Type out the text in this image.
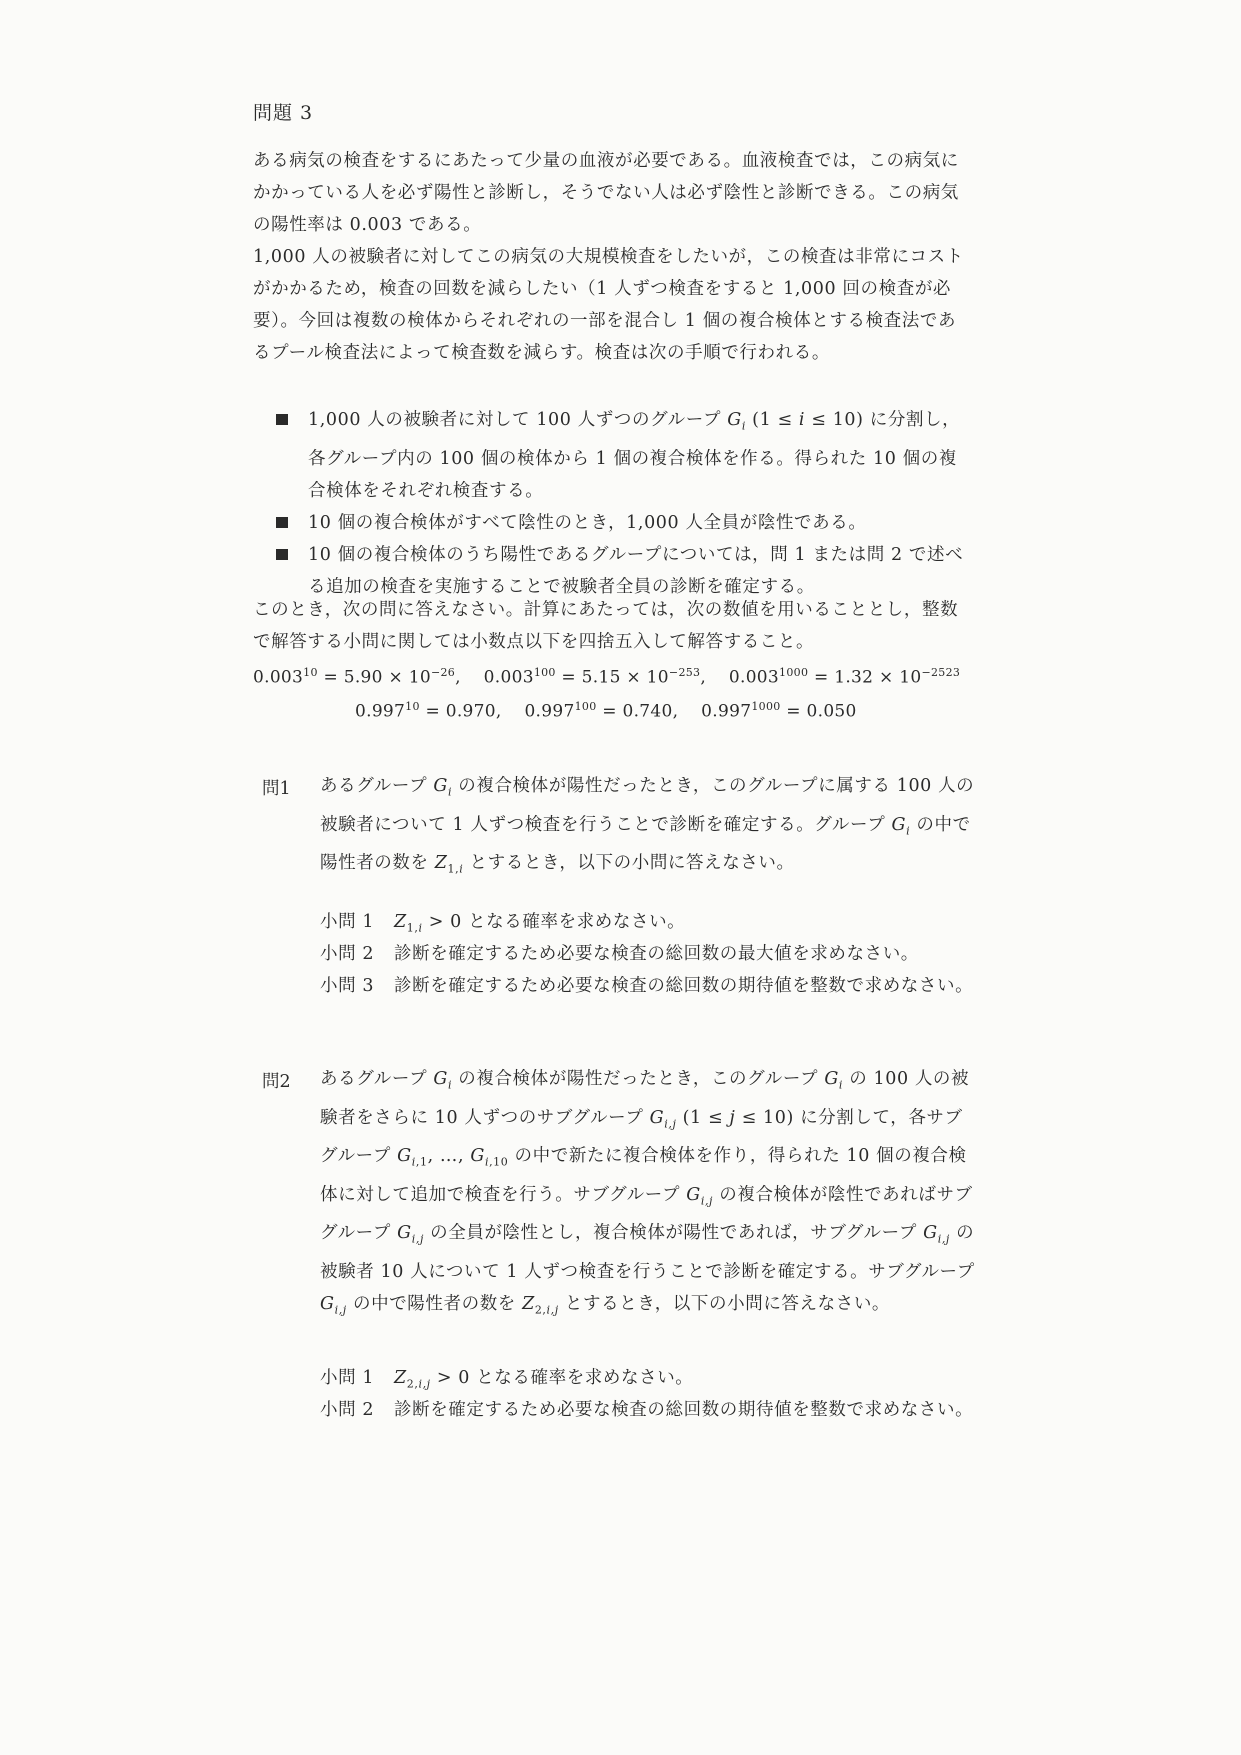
問題 3
ある病気の検査をするにあたって少量の血液が必要である。血液検査では，この病気にかかっている人を必ず陽性と診断し，そうでない人は必ず陰性と診断できる。この病気の陽性率は 0.003 である。
1,000 人の被験者に対してこの病気の大規模検査をしたいが，この検査は非常にコストがかかるため，検査の回数を減らしたい（1 人ずつ検査をすると 1,000 回の検査が必要）。今回は複数の検体からそれぞれの一部を混合し 1 個の複合検体とする検査法であるプール検査法によって検査数を減らす。検査は次の手順で行われる。
1,000 人の被験者に対して 100 人ずつのグループ $G_i$ (1 ≤ i ≤ 10) に分割し，各グループ内の 100 個の検体から 1 個の複合検体を作る。得られた 10 個の複合検体をそれぞれ検査する。
10 個の複合検体がすべて陰性のとき，1,000 人全員が陰性である。
10 個の複合検体のうち陽性であるグループについては，問 1 または問 2 で述べる追加の検査を実施することで被験者全員の診断を確定する。
このとき，次の問に答えなさい。計算にあたっては，次の数値を用いることとし，整数で解答する小問に関しては小数点以下を四捨五入して解答すること。
$0.003^{10} = 5.90 \times 10^{-26}$,    $0.003^{100} = 5.15 \times 10^{-253}$,    $0.003^{1000} = 1.32 \times 10^{-2523}$
$0.997^{10} = 0.970$,    $0.997^{100} = 0.740$,    $0.997^{1000} = 0.050$
問1 あるグループ $G_i$ の複合検体が陽性だったとき，このグループに属する 100 人の被験者について 1 人ずつ検査を行うことで診断を確定する。グループ $G_i$ の中で陽性者の数を $Z_{1,i}$ とするとき，以下の小問に答えなさい。
小問 1 $Z_{1,i} > 0$ となる確率を求めなさい。
小問 2 診断を確定するため必要な検査の総回数の最大値を求めなさい。
小問 3 診断を確定するため必要な検査の総回数の期待値を整数で求めなさい。
問2 あるグループ $G_i$ の複合検体が陽性だったとき，このグループ $G_i$ の 100 人の被験者をさらに 10 人ずつのサブグループ $G_{i,j}$ (1 ≤ j ≤ 10) に分割して，各サブグループ $G_{i,1}$, …, $G_{i,10}$ の中で新たに複合検体を作り，得られた 10 個の複合検体に対して追加で検査を行う。サブグループ $G_{i,j}$ の複合検体が陰性であればサブグループ $G_{i,j}$ の全員が陰性とし，複合検体が陽性であれば，サブグループ $G_{i,j}$ の被験者 10 人について 1 人ずつ検査を行うことで診断を確定する。サブグループ $G_{i,j}$ の中で陽性者の数を $Z_{2,i,j}$ とするとき，以下の小問に答えなさい。
小問 1 $Z_{2,i,j} > 0$ となる確率を求めなさい。
小問 2 診断を確定するため必要な検査の総回数の期待値を整数で求めなさい。
